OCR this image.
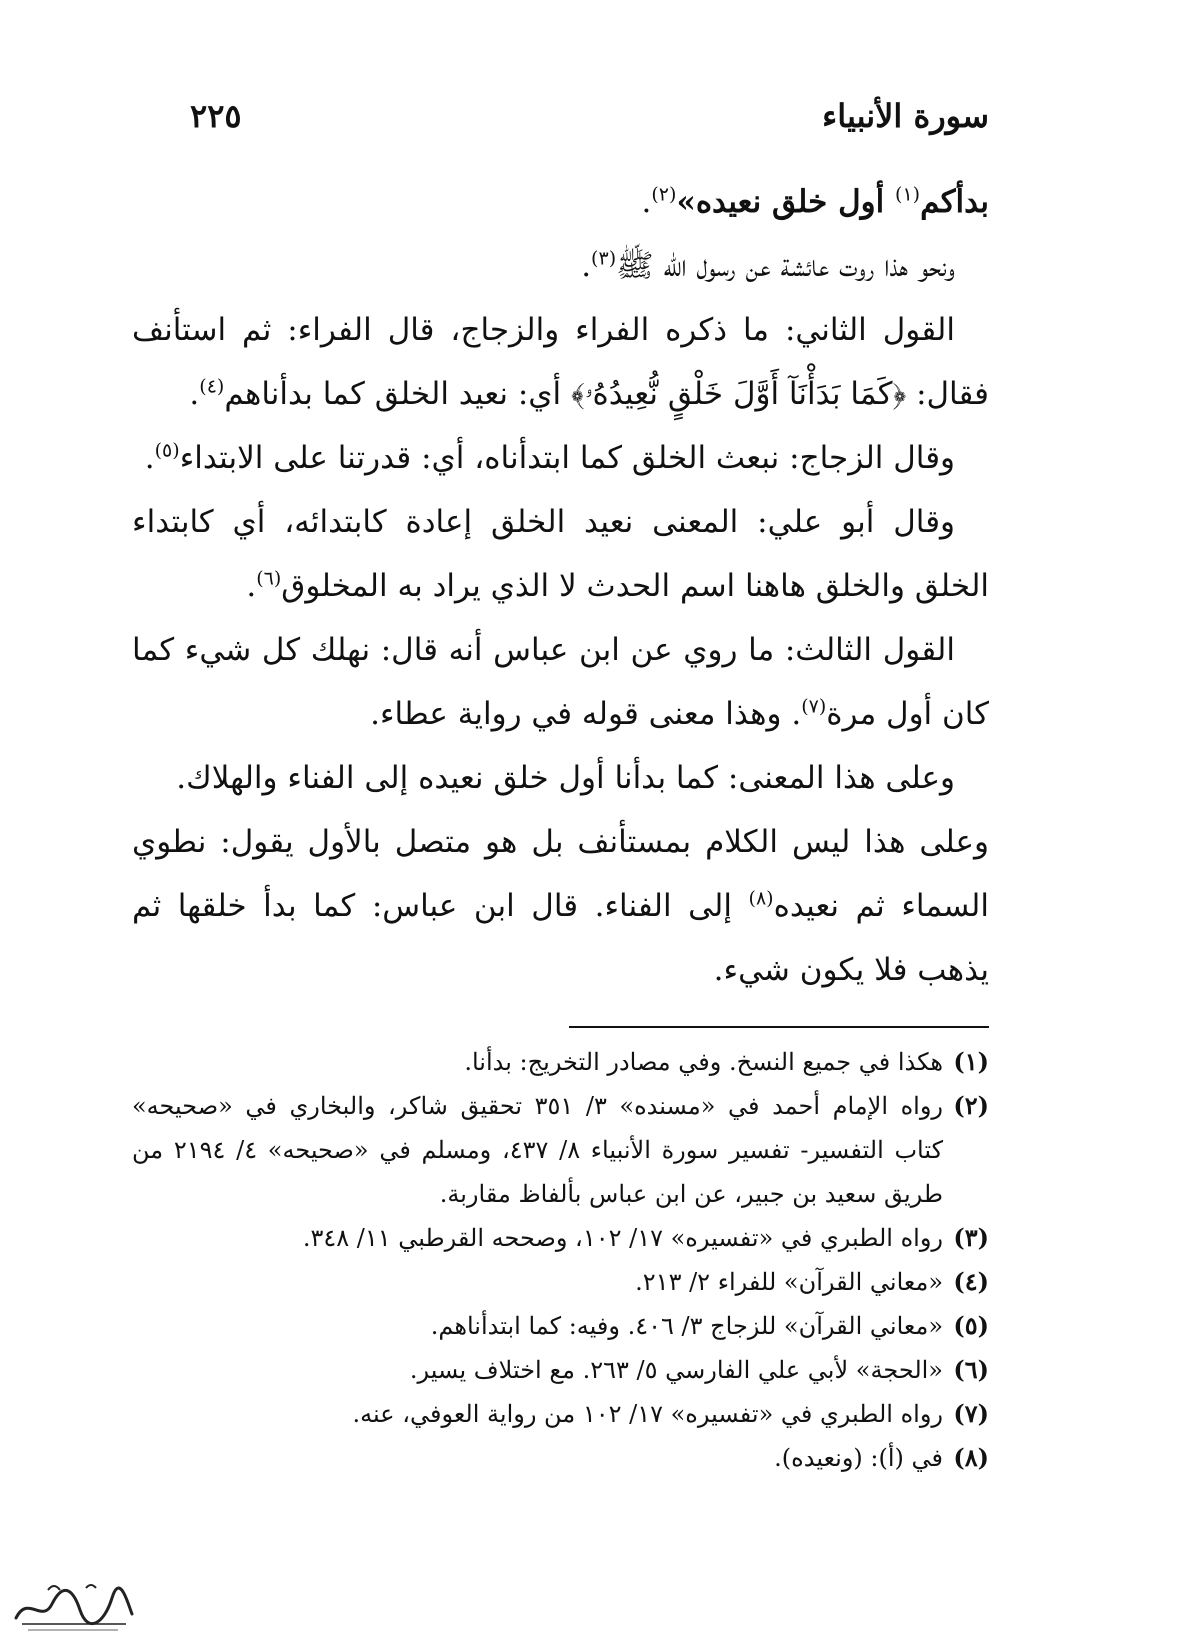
سورة الأنبياء
٢٢٥

بدأكم$^{(١)}$ أول خلق نعيده»$^{(٢)}$.

ونحو هذا روت عائشة عن رسول الله ﷺ$^{(٣)}$.

القول الثاني: ما ذكره الفراء والزجاج، قال الفراء: ثم استأنف فقال: ﴿كَمَا بَدَأْنَآ أَوَّلَ خَلْقٍ نُّعِيدُهُۥ﴾ أي: نعيد الخلق كما بدأناهم$^{(٤)}$.

وقال الزجاج: نبعث الخلق كما ابتدأناه، أي: قدرتنا على الابتداء$^{(٥)}$.

وقال أبو علي: المعنى نعيد الخلق إعادة كابتدائه، أي كابتداء الخلق والخلق هاهنا اسم الحدث لا الذي يراد به المخلوق$^{(٦)}$.

القول الثالث: ما روي عن ابن عباس أنه قال: نهلك كل شيء كما كان أول مرة$^{(٧)}$. وهذا معنى قوله في رواية عطاء.

وعلى هذا المعنى: كما بدأنا أول خلق نعيده إلى الفناء والهلاك.

وعلى هذا ليس الكلام بمستأنف بل هو متصل بالأول يقول: نطوي السماء ثم نعيده$^{(٨)}$ إلى الفناء. قال ابن عباس: كما بدأ خلقها ثم يذهب فلا يكون شيء.

(١)
هكذا في جميع النسخ. وفي مصادر التخريج: بدأنا.
(٢)
رواه الإمام أحمد في «مسنده» ٣/ ٣٥١ تحقيق شاكر، والبخاري في «صحيحه» كتاب التفسير- تفسير سورة الأنبياء ٨/ ٤٣٧، ومسلم في «صحيحه» ٤/ ٢١٩٤ من طريق سعيد بن جبير، عن ابن عباس بألفاظ مقاربة.
(٣)
رواه الطبري في «تفسيره» ١٧/ ١٠٢، وصححه القرطبي ١١/ ٣٤٨.
(٤)
«معاني القرآن» للفراء ٢/ ٢١٣.
(٥)
«معاني القرآن» للزجاج ٣/ ٤٠٦. وفيه: كما ابتدأناهم.
(٦)
«الحجة» لأبي علي الفارسي ٥/ ٢٦٣. مع اختلاف يسير.
(٧)
رواه الطبري في «تفسيره» ١٧/ ١٠٢ من رواية العوفي، عنه.
(٨)
في (أ): (ونعيده).
